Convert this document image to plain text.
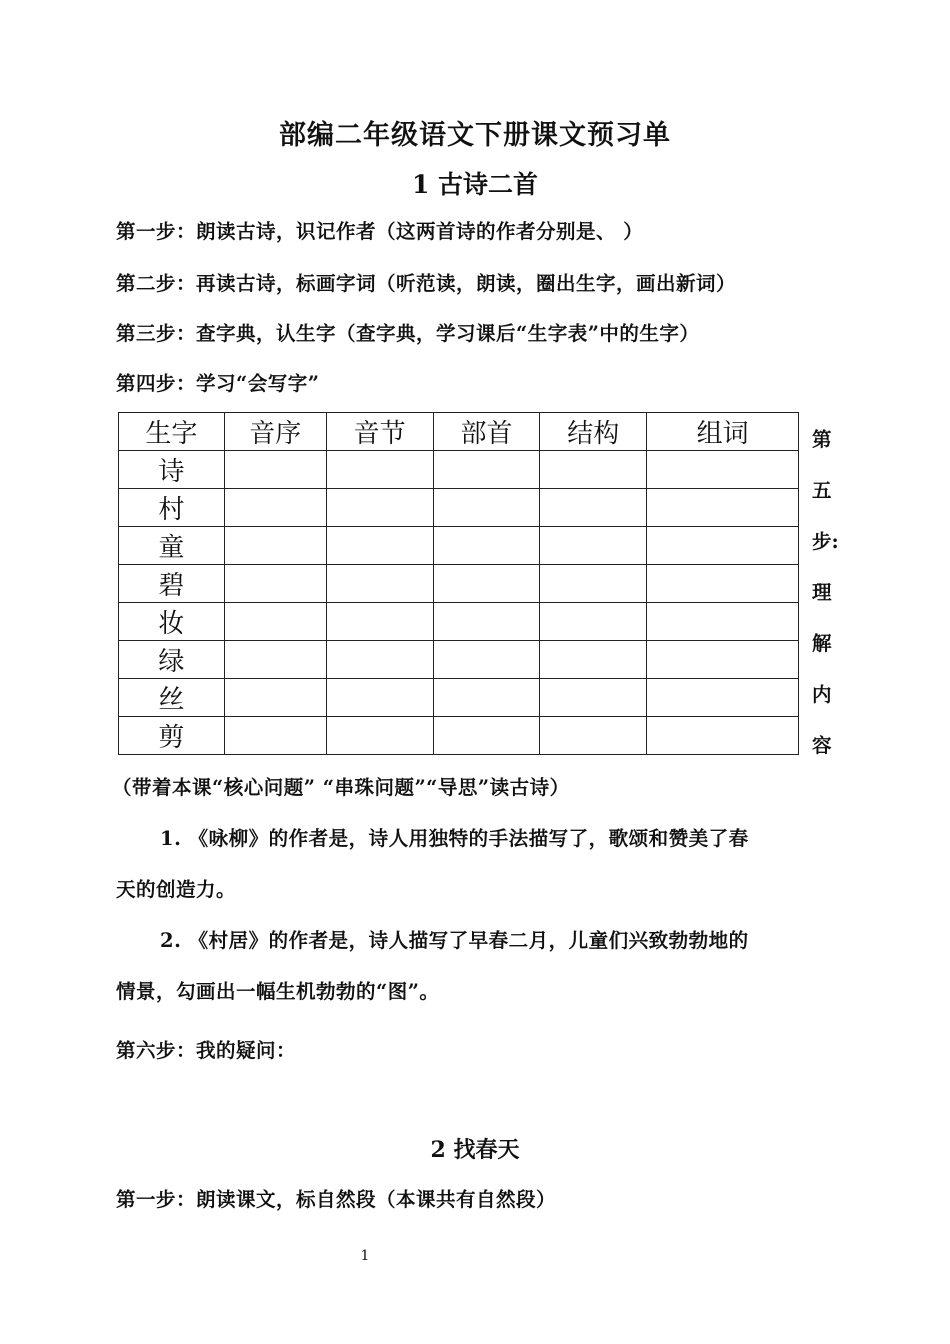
部编二年级语文下册课文预习单
1 古诗二首
第一步：朗读古诗，识记作者（这两首诗的作者分别是、 ）
第二步：再读古诗，标画字词（听范读，朗读，圈出生字，画出新词）
第三步：查字典，认生字（查字典，学习课后“生字表”中的生字）
第四步：学习“会写字”
生字	音序	音节	部首	结构	组词
诗					
村					
童					
碧					
妆					
绿					
丝					
剪					
第
五
步:
理
解
内
容
（带着本课“核心问题” “串珠问题”“导思”读古诗）
1. 《咏柳》的作者是，诗人用独特的手法描写了，歌颂和赞美了春
天的创造力。
2. 《村居》的作者是，诗人描写了早春二月，儿童们兴致勃勃地的
情景，勾画出一幅生机勃勃的“图”。
第六步：我的疑问：
2 找春天
第一步：朗读课文，标自然段（本课共有自然段）
1
